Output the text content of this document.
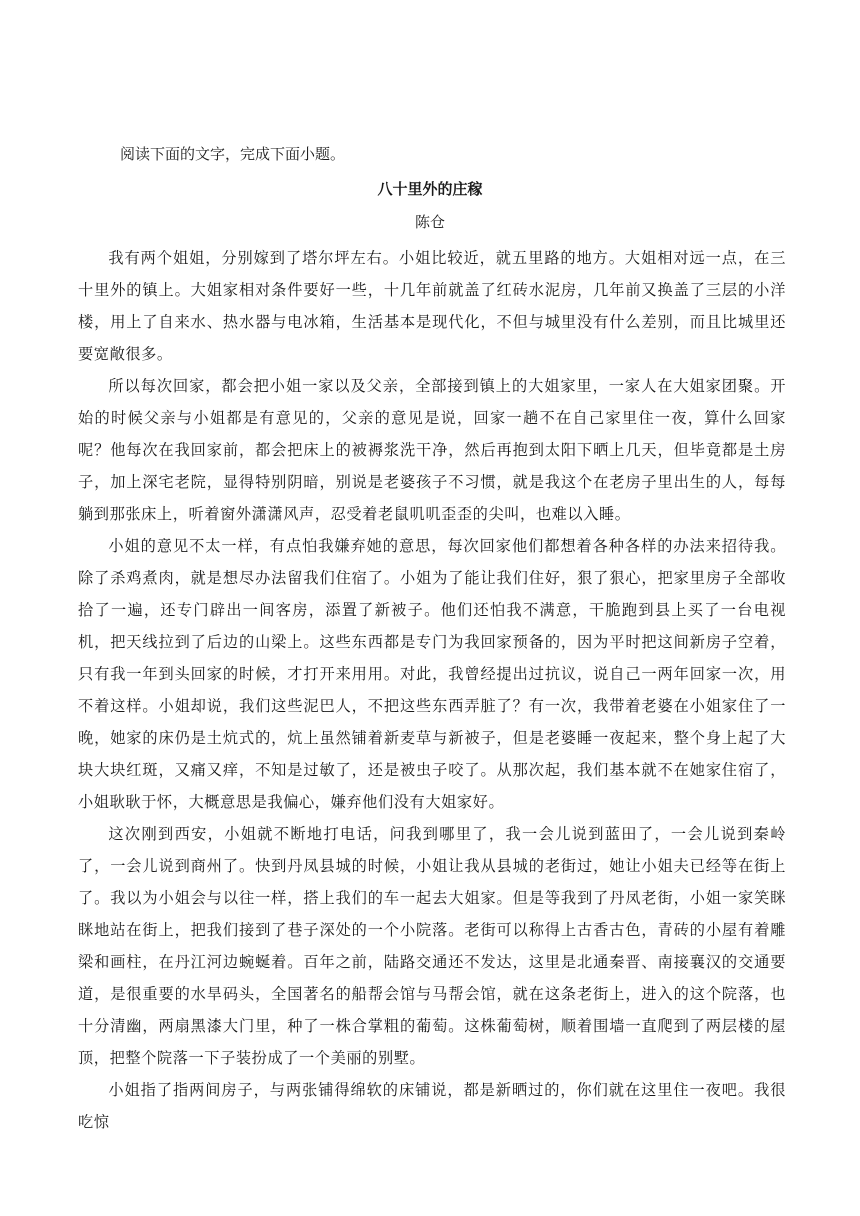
阅读下面的文字，完成下面小题。

八十里外的庄稼

陈仓

我有两个姐姐，分别嫁到了塔尔坪左右。小姐比较近，就五里路的地方。大姐相对远一点，在三十里外的镇上。大姐家相对条件要好一些，十几年前就盖了红砖水泥房，几年前又换盖了三层的小洋楼，用上了自来水、热水器与电冰箱，生活基本是现代化，不但与城里没有什么差别，而且比城里还要宽敞很多。

所以每次回家，都会把小姐一家以及父亲，全部接到镇上的大姐家里，一家人在大姐家团聚。开始的时候父亲与小姐都是有意见的，父亲的意见是说，回家一趟不在自己家里住一夜，算什么回家呢？他每次在我回家前，都会把床上的被褥浆洗干净，然后再抱到太阳下晒上几天，但毕竟都是土房子，加上深宅老院，显得特别阴暗，别说是老婆孩子不习惯，就是我这个在老房子里出生的人，每每躺到那张床上，听着窗外潇潇风声，忍受着老鼠叽叽歪歪的尖叫，也难以入睡。

小姐的意见不太一样，有点怕我嫌弃她的意思，每次回家他们都想着各种各样的办法来招待我。除了杀鸡煮肉，就是想尽办法留我们住宿了。小姐为了能让我们住好，狠了狠心，把家里房子全部收拾了一遍，还专门辟出一间客房，添置了新被子。他们还怕我不满意，干脆跑到县上买了一台电视机，把天线拉到了后边的山梁上。这些东西都是专门为我回家预备的，因为平时把这间新房子空着，只有我一年到头回家的时候，才打开来用用。对此，我曾经提出过抗议，说自己一两年回家一次，用不着这样。小姐却说，我们这些泥巴人，不把这些东西弄脏了？有一次，我带着老婆在小姐家住了一晚，她家的床仍是土炕式的，炕上虽然铺着新麦草与新被子，但是老婆睡一夜起来，整个身上起了大块大块红斑，又痛又痒，不知是过敏了，还是被虫子咬了。从那次起，我们基本就不在她家住宿了，小姐耿耿于怀，大概意思是我偏心，嫌弃他们没有大姐家好。

这次刚到西安，小姐就不断地打电话，问我到哪里了，我一会儿说到蓝田了，一会儿说到秦岭了，一会儿说到商州了。快到丹凤县城的时候，小姐让我从县城的老街过，她让小姐夫已经等在街上了。我以为小姐会与以往一样，搭上我们的车一起去大姐家。但是等我到了丹凤老街，小姐一家笑眯眯地站在街上，把我们接到了巷子深处的一个小院落。老街可以称得上古香古色，青砖的小屋有着雕梁和画柱，在丹江河边蜿蜒着。百年之前，陆路交通还不发达，这里是北通秦晋、南接襄汉的交通要道，是很重要的水旱码头，全国著名的船帮会馆与马帮会馆，就在这条老街上，进入的这个院落，也十分清幽，两扇黑漆大门里，种了一株合掌粗的葡萄。这株葡萄树，顺着围墙一直爬到了两层楼的屋顶，把整个院落一下子装扮成了一个美丽的别墅。

小姐指了指两间房子，与两张铺得绵软的床铺说，都是新晒过的，你们就在这里住一夜吧。我很吃惊
